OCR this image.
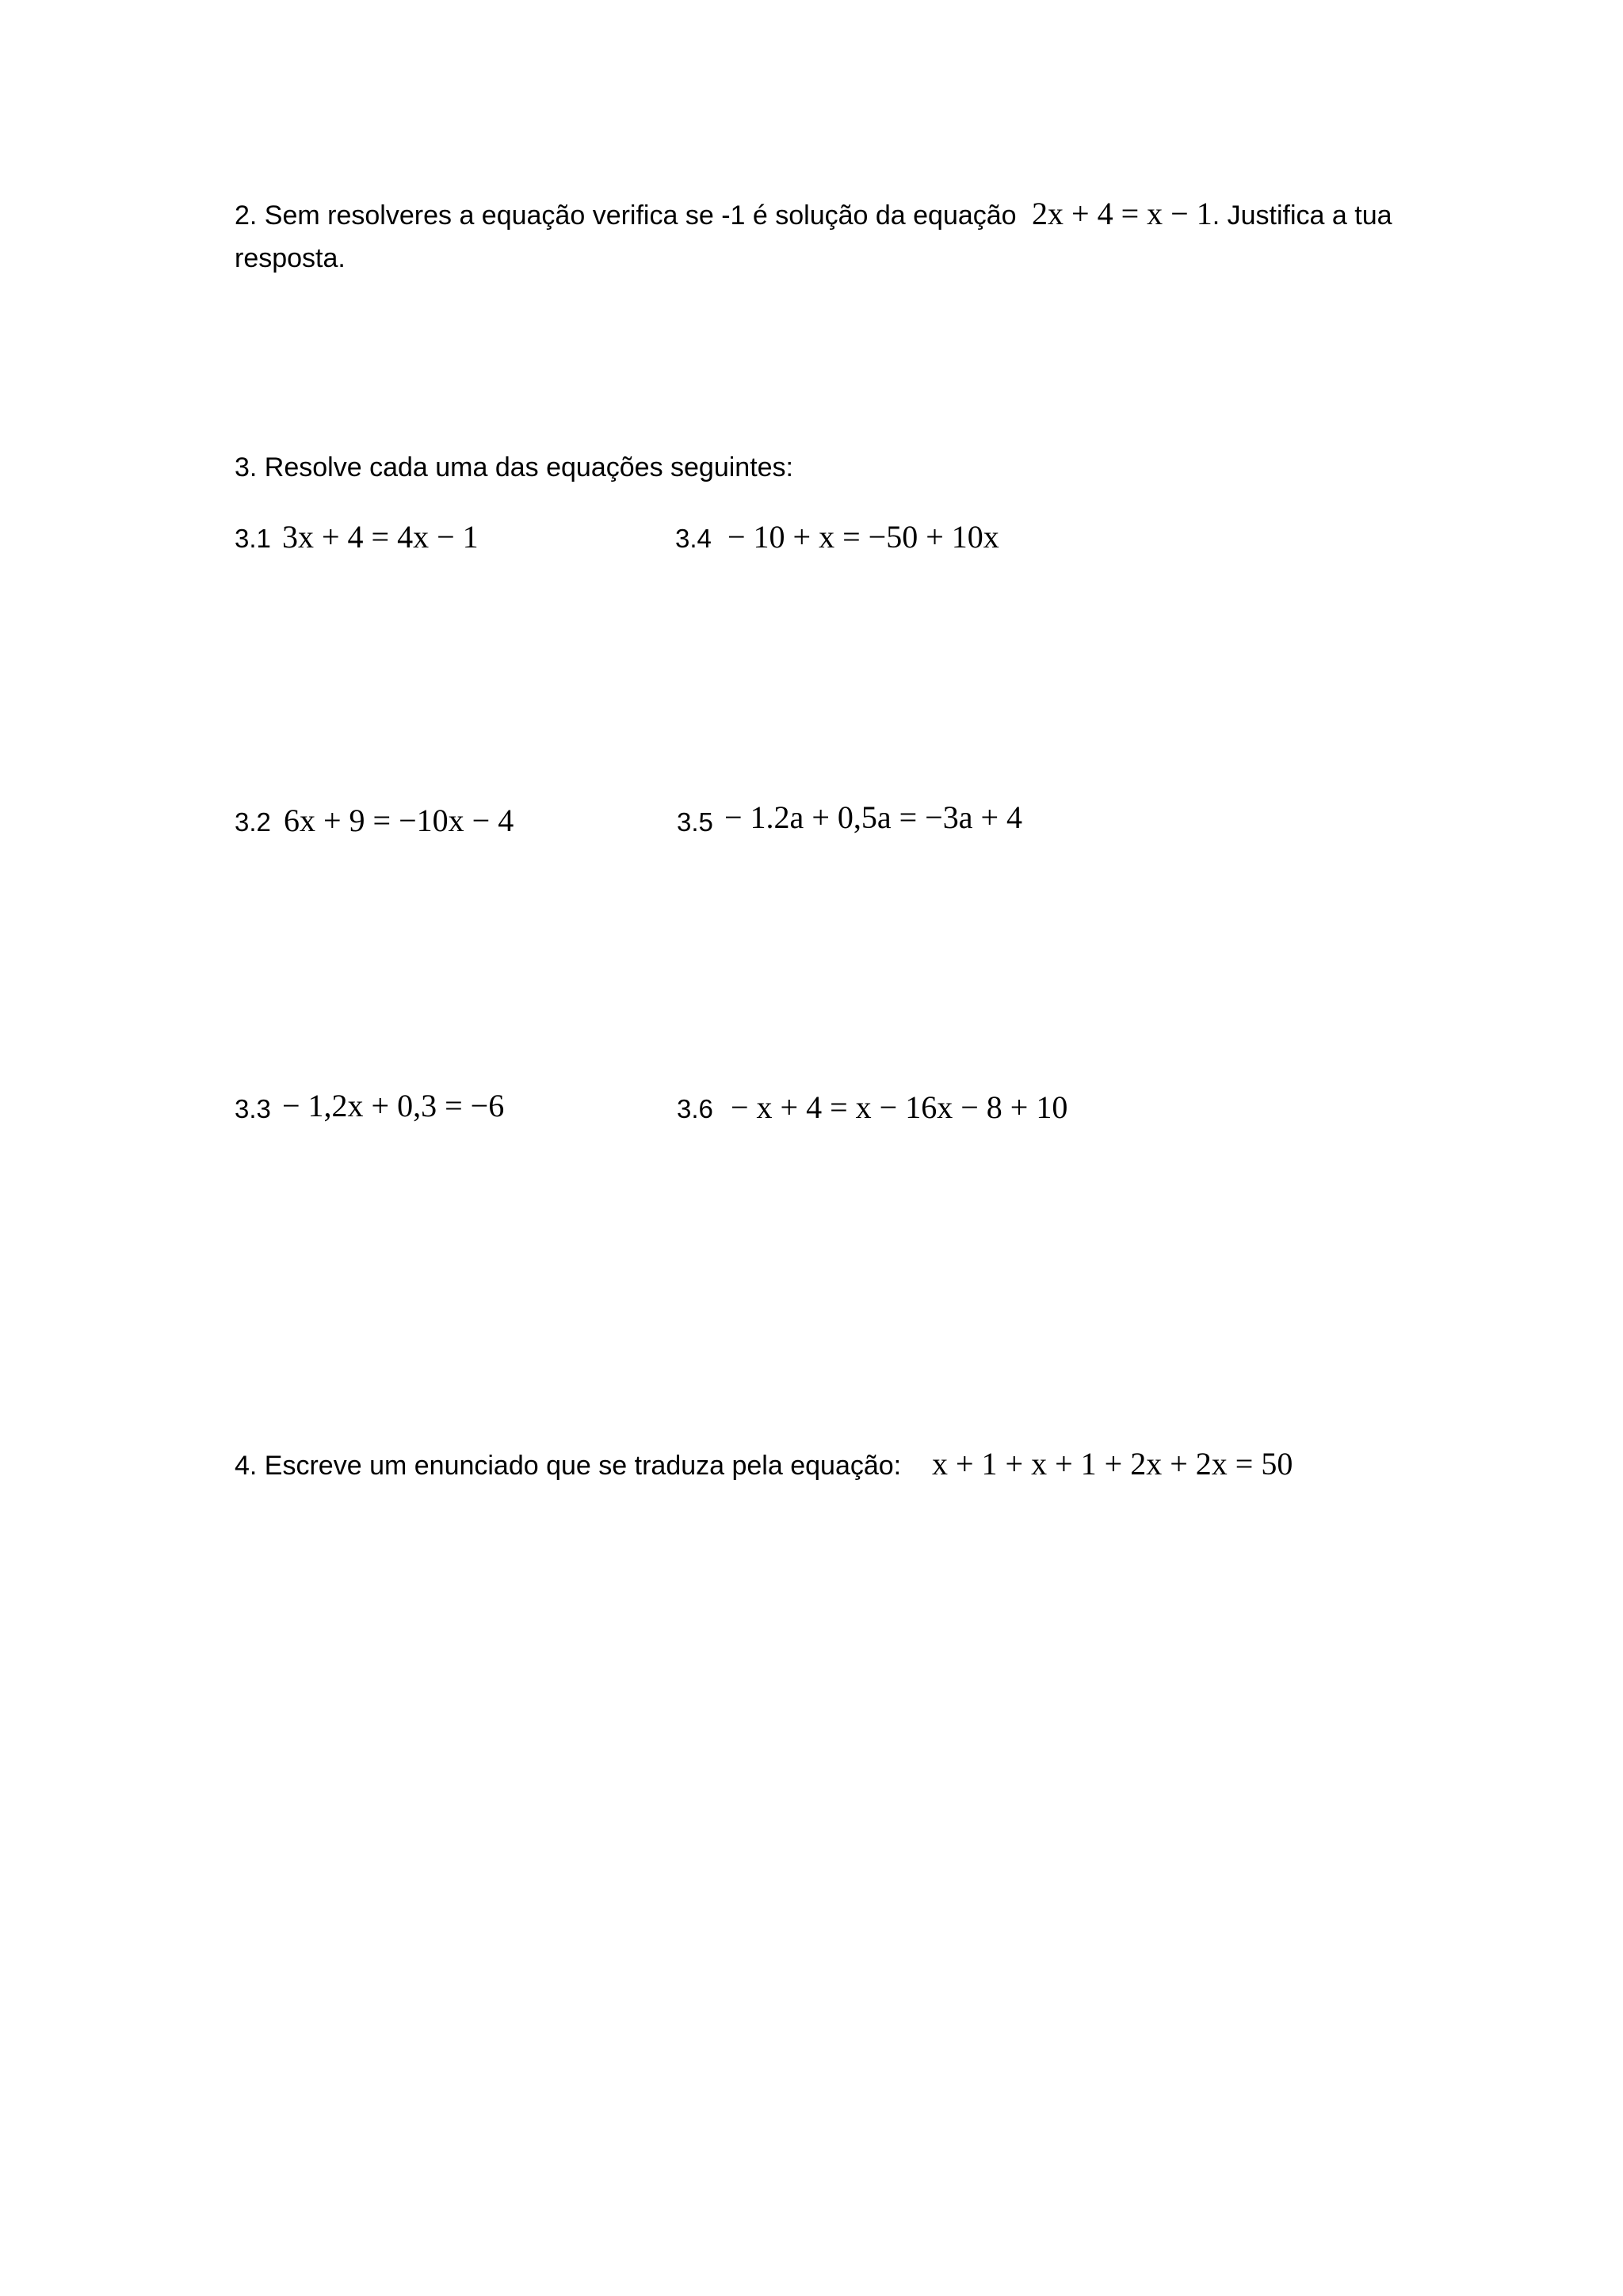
2. Sem resolveres a equação verifica se -1 é solução da equação 2x + 4 = x − 1. Justifica a tua
resposta.
3. Resolve cada uma das equações seguintes:
3.1 3x + 4 = 4x − 1	3.4 − 10 + x = −50 + 10x
3.2 6x + 9 = −10x − 4	3.5 − 1.2a + 0,5a = −3a + 4
3.3 − 1,2x + 0,3 = −6	3.6 − x + 4 = x − 16x − 8 + 10
4. Escreve um enunciado que se traduza pela equação: x + 1 + x + 1 + 2x + 2x = 50
